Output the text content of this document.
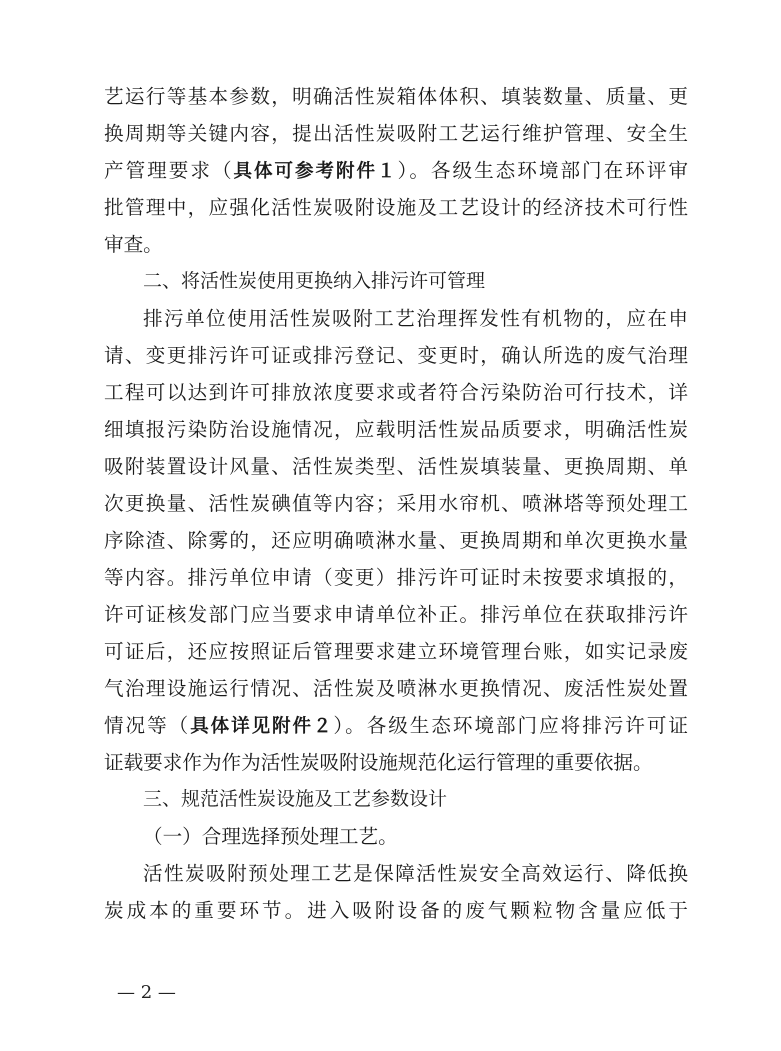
艺运行等基本参数，明确活性炭箱体体积、填装数量、质量、更
换周期等关键内容，提出活性炭吸附工艺运行维护管理、安全生
产管理要求（具体可参考附件１）。各级生态环境部门在环评审
批管理中，应强化活性炭吸附设施及工艺设计的经济技术可行性
审查。
二、将活性炭使用更换纳入排污许可管理
排污单位使用活性炭吸附工艺治理挥发性有机物的，应在申
请、变更排污许可证或排污登记、变更时，确认所选的废气治理
工程可以达到许可排放浓度要求或者符合污染防治可行技术，详
细填报污染防治设施情况，应载明活性炭品质要求，明确活性炭
吸附装置设计风量、活性炭类型、活性炭填装量、更换周期、单
次更换量、活性炭碘值等内容；采用水帘机、喷淋塔等预处理工
序除渣、除雾的，还应明确喷淋水量、更换周期和单次更换水量
等内容。排污单位申请（变更）排污许可证时未按要求填报的，
许可证核发部门应当要求申请单位补正。排污单位在获取排污许
可证后，还应按照证后管理要求建立环境管理台账，如实记录废
气治理设施运行情况、活性炭及喷淋水更换情况、废活性炭处置
情况等（具体详见附件２）。各级生态环境部门应将排污许可证
证载要求作为作为活性炭吸附设施规范化运行管理的重要依据。
三、规范活性炭设施及工艺参数设计
（一）合理选择预处理工艺。
活性炭吸附预处理工艺是保障活性炭安全高效运行、降低换
炭成本的重要环节。进入吸附设备的废气颗粒物含量应低于
— 2 —
